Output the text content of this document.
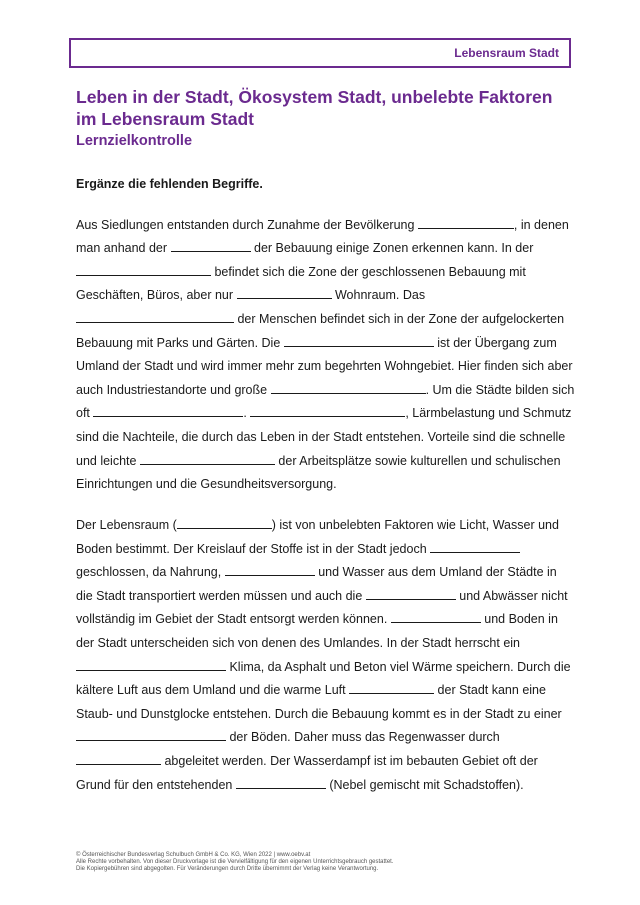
Lebensraum Stadt
Leben in der Stadt, Ökosystem Stadt, unbelebte Faktoren im Lebensraum Stadt
Lernzielkontrolle

Ergänze die fehlenden Begriffe.

Aus Siedlungen entstanden durch Zunahme der Bevölkerung	, in denen man anhand der	der Bebauung einige Zonen erkennen kann. In der  befindet sich die Zone der geschlossenen Bebauung mit Geschäften, Büros, aber nur	Wohnraum. Das  der Menschen befindet sich in der Zone der aufgelockerten Bebauung mit Parks und Gärten. Die	ist der Übergang zum Umland der Stadt und wird immer mehr zum begehrten Wohngebiet. Hier finden sich aber auch Industriestandorte und große	. Um die Städte bilden sich oft	.	, Lärmbelastung und Schmutz sind die Nachteile, die durch das Leben in der Stadt entstehen. Vorteile sind die schnelle und leichte	der Arbeitsplätze sowie kulturellen und schulischen Einrichtungen und die Gesundheitsversorgung.

Der Lebensraum (	) ist von unbelebten Faktoren wie Licht, Wasser und Boden bestimmt. Der Kreislauf der Stoffe ist in der Stadt jedoch  geschlossen, da Nahrung,	und Wasser aus dem Umland der Städte in die Stadt transportiert werden müssen und auch die	und Abwässer nicht vollständig im Gebiet der Stadt entsorgt werden können.	und Boden in der Stadt unterscheiden sich von denen des Umlandes. In der Stadt herrscht ein  Klima, da Asphalt und Beton viel Wärme speichern. Durch die kältere Luft aus dem Umland und die warme Luft	der Stadt kann eine Staub- und Dunstglocke entstehen. Durch die Bebauung kommt es in der Stadt zu einer  der Böden. Daher muss das Regenwasser durch  abgeleitet werden. Der Wasserdampf ist im bebauten Gebiet oft der Grund für den entstehenden	(Nebel gemischt mit Schadstoffen).

© Österreichischer Bundesverlag Schulbuch GmbH & Co. KG, Wien 2022 | www.oebv.at
Alle Rechte vorbehalten. Von dieser Druckvorlage ist die Vervielfältigung für den eigenen Unterrichtsgebrauch gestattet.
Die Kopiergebühren sind abgegolten. Für Veränderungen durch Dritte übernimmt der Verlag keine Verantwortung.
